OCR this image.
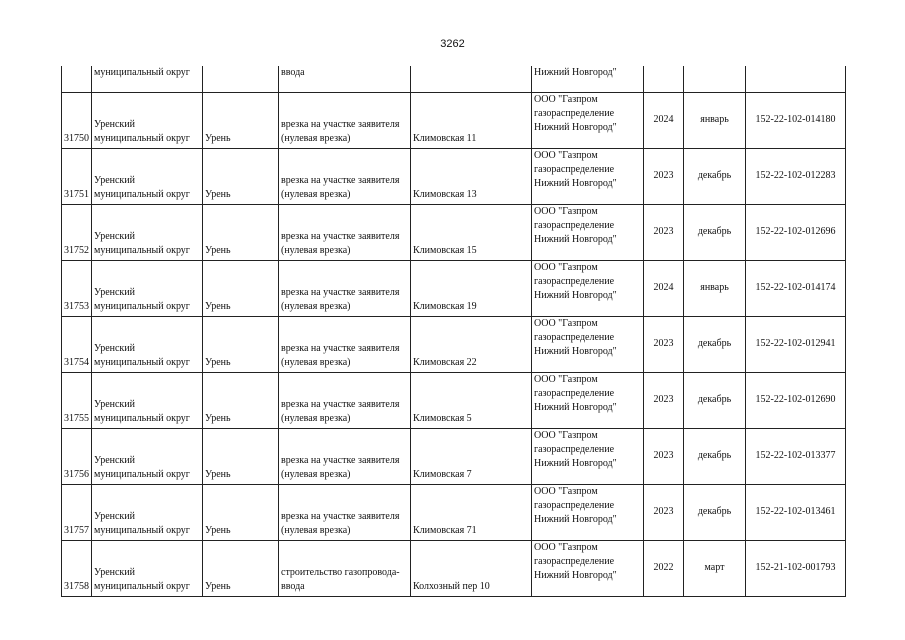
3262
	муниципальный округ		ввода		Нижний Новгород"			
31750	Уренский
муниципальный округ	Урень	врезка на участке заявителя
(нулевая врезка)	Климовская 11	ООО "Газпром
газораспределение
Нижний Новгород"	2024	январь	152-22-102-014180
31751	Уренский
муниципальный округ	Урень	врезка на участке заявителя
(нулевая врезка)	Климовская 13	ООО "Газпром
газораспределение
Нижний Новгород"	2023	декабрь	152-22-102-012283
31752	Уренский
муниципальный округ	Урень	врезка на участке заявителя
(нулевая врезка)	Климовская 15	ООО "Газпром
газораспределение
Нижний Новгород"	2023	декабрь	152-22-102-012696
31753	Уренский
муниципальный округ	Урень	врезка на участке заявителя
(нулевая врезка)	Климовская 19	ООО "Газпром
газораспределение
Нижний Новгород"	2024	январь	152-22-102-014174
31754	Уренский
муниципальный округ	Урень	врезка на участке заявителя
(нулевая врезка)	Климовская 22	ООО "Газпром
газораспределение
Нижний Новгород"	2023	декабрь	152-22-102-012941
31755	Уренский
муниципальный округ	Урень	врезка на участке заявителя
(нулевая врезка)	Климовская 5	ООО "Газпром
газораспределение
Нижний Новгород"	2023	декабрь	152-22-102-012690
31756	Уренский
муниципальный округ	Урень	врезка на участке заявителя
(нулевая врезка)	Климовская 7	ООО "Газпром
газораспределение
Нижний Новгород"	2023	декабрь	152-22-102-013377
31757	Уренский
муниципальный округ	Урень	врезка на участке заявителя
(нулевая врезка)	Климовская 71	ООО "Газпром
газораспределение
Нижний Новгород"	2023	декабрь	152-22-102-013461
31758	Уренский
муниципальный округ	Урень	строительство газопровода-
ввода	Колхозный пер 10	ООО "Газпром
газораспределение
Нижний Новгород"	2022	март	152-21-102-001793
